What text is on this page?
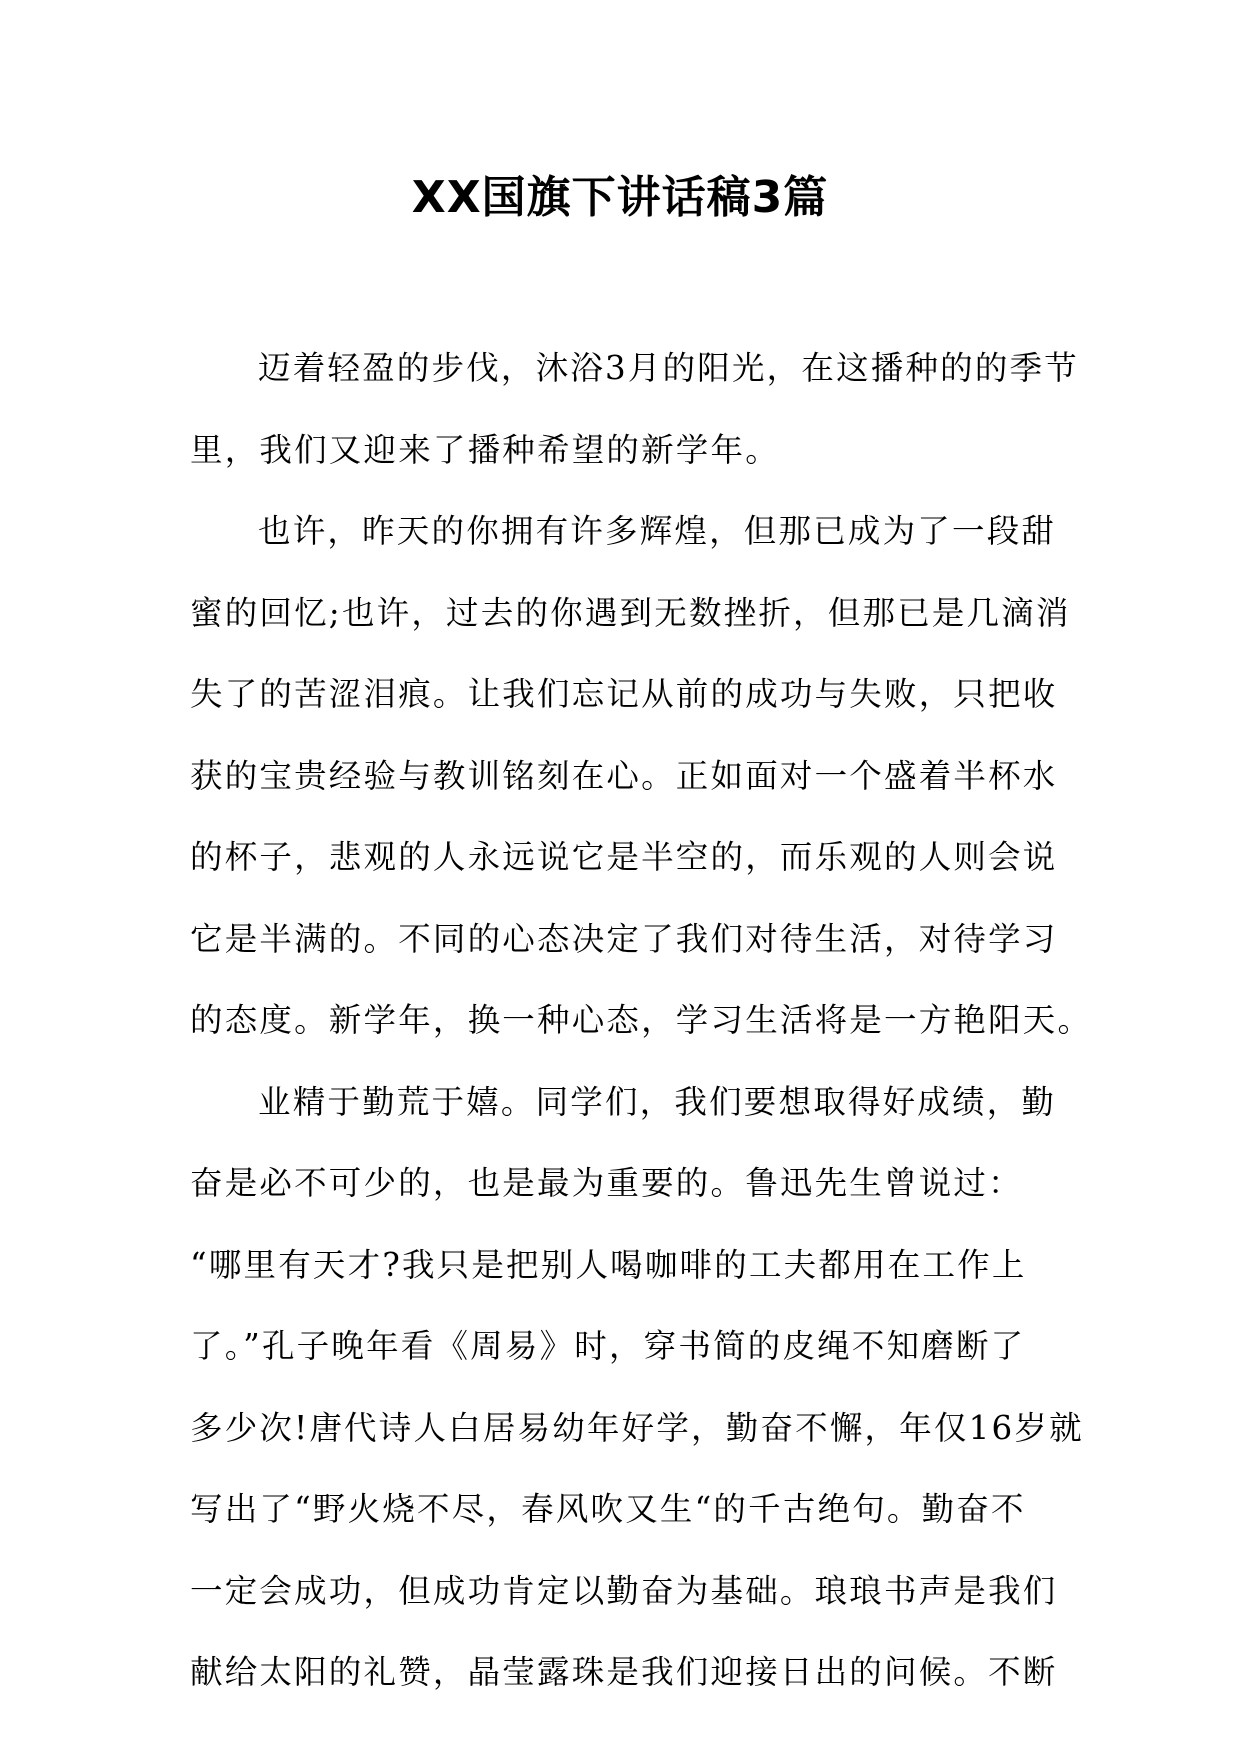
XX国旗下讲话稿3篇
迈着轻盈的步伐，沐浴3月的阳光，在这播种的的季节
里，我们又迎来了播种希望的新学年。
也许，昨天的你拥有许多辉煌，但那已成为了一段甜
蜜的回忆;也许，过去的你遇到无数挫折，但那已是几滴消
失了的苦涩泪痕。让我们忘记从前的成功与失败，只把收
获的宝贵经验与教训铭刻在心。正如面对一个盛着半杯水
的杯子，悲观的人永远说它是半空的，而乐观的人则会说
它是半满的。不同的心态决定了我们对待生活，对待学习
的态度。新学年，换一种心态，学习生活将是一方艳阳天。
业精于勤荒于嬉。同学们，我们要想取得好成绩，勤
奋是必不可少的，也是最为重要的。鲁迅先生曾说过：
“哪里有天才?我只是把别人喝咖啡的工夫都用在工作上
了。”孔子晚年看《周易》时，穿书简的皮绳不知磨断了
多少次!唐代诗人白居易幼年好学，勤奋不懈，年仅16岁就
写出了“野火烧不尽，春风吹又生“的千古绝句。勤奋不
一定会成功，但成功肯定以勤奋为基础。琅琅书声是我们
献给太阳的礼赞，晶莹露珠是我们迎接日出的问候。不断
